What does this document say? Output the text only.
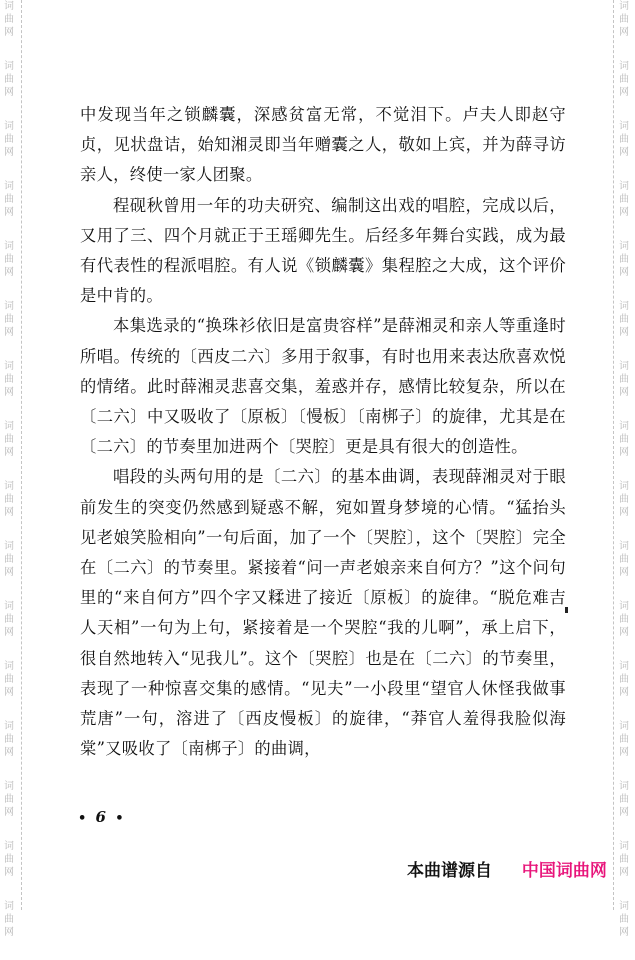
词
曲
网
词
曲
网
词
曲
网
词
曲
网
词
曲
网
词
曲
网
词
曲
网
词
曲
网
词
曲
网
词
曲
网
词
曲
网
词
曲
网
词
曲
网
词
曲
网
词
曲
网
词
曲
网
词
曲
网
词
曲
网
词
曲
网
词
曲
网
词
曲
网
词
曲
网
词
曲
网
词
曲
网
词
曲
网
词
曲
网
词
曲
网
词
曲
网
词
曲
网
词
曲
网
词
曲
网
词
曲
网

中发现当年之锁麟囊，深感贫富无常，不觉泪下。卢夫人即赵守贞，见状盘诘，始知湘灵即当年赠囊之人，敬如上宾，并为薛寻访亲人，终使一家人团聚。

程砚秋曾用一年的功夫研究、编制这出戏的唱腔，完成以后，又用了三、四个月就正于王瑶卿先生。后经多年舞台实践，成为最有代表性的程派唱腔。有人说《锁麟囊》集程腔之大成，这个评价是中肯的。

本集选录的“换珠衫依旧是富贵容样”是薛湘灵和亲人等重逢时所唱。传统的〔西皮二六〕多用于叙事，有时也用来表达欣喜欢悦的情绪。此时薛湘灵悲喜交集，羞惑并存，感情比较复杂，所以在〔二六〕中又吸收了〔原板〕〔慢板〕〔南梆子〕的旋律，尤其是在〔二六〕的节奏里加进两个〔哭腔〕更是具有很大的创造性。

唱段的头两句用的是〔二六〕的基本曲调，表现薛湘灵对于眼前发生的突变仍然感到疑惑不解，宛如置身梦境的心情。“猛抬头见老娘笑脸相向”一句后面，加了一个〔哭腔〕，这个〔哭腔〕完全在〔二六〕的节奏里。紧接着“问一声老娘亲来自何方？”这个问句里的“来自何方”四个字又糅进了接近〔原板〕的旋律。“脱危难吉人天相”一句为上句，紧接着是一个哭腔“我的儿啊”，承上启下，很自然地转入“见我儿”。这个〔哭腔〕也是在〔二六〕的节奏里，表现了一种惊喜交集的感情。“见夫”一小段里“望官人休怪我做事荒唐”一句，溶进了〔西皮慢板〕的旋律，“莽官人羞得我脸似海棠”又吸收了〔南梆子〕的曲调，

• 6 •
本曲谱源自 中国词曲网
